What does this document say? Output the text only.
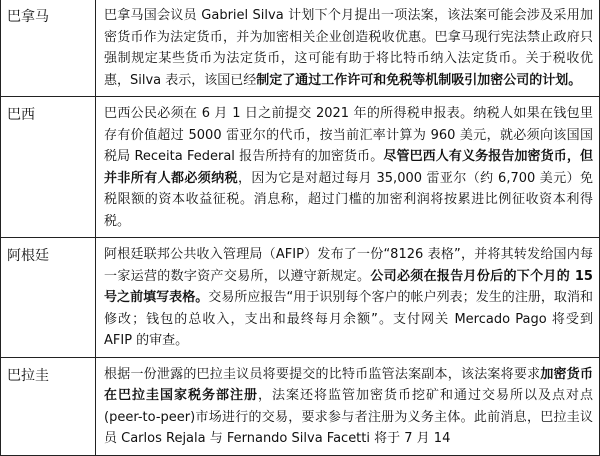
巴拿马	巴拿马国会议员 Gabriel Silva 计划下个月提出一项法案，该法案可能会涉及采用加密货币作为法定货币，并为加密相关企业创造税收优惠。巴拿马现行宪法禁止政府只强制规定某些货币为法定货币，这可能有助于将比特币纳入法定货币。关于税收优惠，Silva 表示，该国已经制定了通过工作许可和免税等机制吸引加密公司的计划。
巴西	巴西公民必须在 6 月 1 日之前提交 2021 年的所得税申报表。纳税人如果在钱包里存有价值超过 5000 雷亚尔的代币，按当前汇率计算为 960 美元，就必须向该国国税局 Receita Federal 报告所持有的加密货币。尽管巴西人有义务报告加密货币，但并非所有人都必须纳税，因为它是对超过每月 35,000 雷亚尔（约 6,700 美元）免税限额的资本收益征税。消息称，超过门槛的加密利润将按累进比例征收资本利得税。
阿根廷	阿根廷联邦公共收入管理局（AFIP）发布了一份“8126 表格”，并将其转发给国内每一家运营的数字资产交易所，以遵守新规定。公司必须在报告月份后的下个月的 15 号之前填写表格。交易所应报告“用于识别每个客户的帐户列表；发生的注册，取消和修改；钱包的总收入，支出和最终每月余额”。支付网关 Mercado Pago 将受到 AFIP 的审查。
巴拉圭	根据一份泄露的巴拉圭议员将要提交的比特币监管法案副本，该法案将要求加密货币在巴拉圭国家税务部注册，法案还将监管加密货币挖矿和通过交易所以及点对点(peer-to-peer)市场进行的交易，要求参与者注册为义务主体。此前消息，巴拉圭议员 Carlos Rejala 与 Fernando Silva Facetti 将于 7 月 14
